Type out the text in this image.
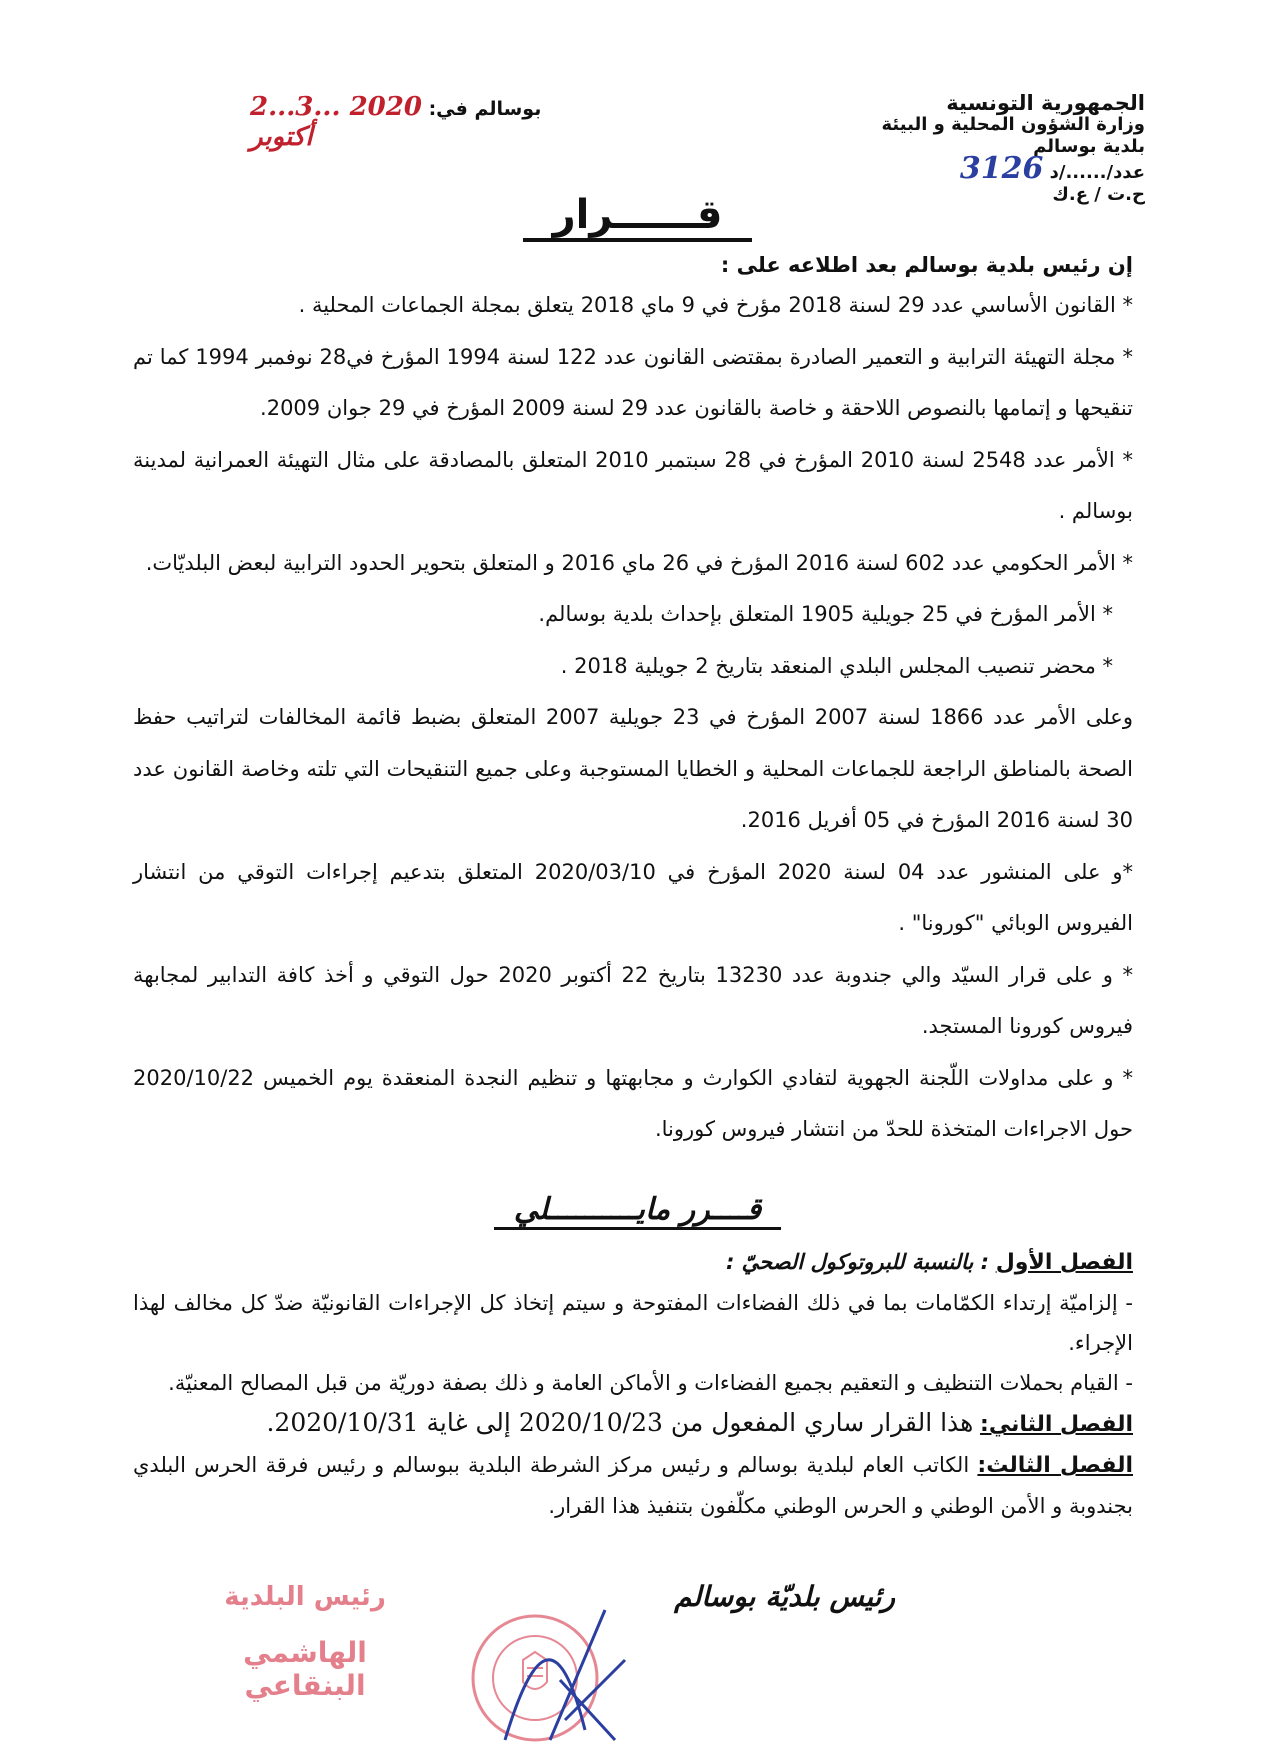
الجمهورية التونسية
وزارة الشؤون المحلية و البيئة
بلدية بوسالم
عدد/....../د 3126
ح.ت / ع.ك
بوسالم في: 2020 ...3...2 أكتوبر
قــــــرار

إن رئيس بلدية بوسالم بعد اطلاعه على :

* القانون الأساسي عدد 29 لسنة 2018 مؤرخ في 9 ماي 2018 يتعلق بمجلة الجماعات المحلية .

* مجلة التهيئة الترابية و التعمير الصادرة بمقتضى القانون عدد 122 لسنة 1994 المؤرخ في28 نوفمبر 1994 كما تم تنقيحها و إتمامها بالنصوص اللاحقة و خاصة بالقانون عدد 29 لسنة 2009 المؤرخ في 29 جوان 2009.

* الأمر عدد 2548 لسنة 2010 المؤرخ في 28 سبتمبر 2010 المتعلق بالمصادقة على مثال التهيئة العمرانية لمدينة بوسالم .

* الأمر الحكومي عدد 602 لسنة 2016 المؤرخ في 26 ماي 2016 و المتعلق بتحوير الحدود الترابية لبعض البلديّات.

* الأمر المؤرخ في 25 جويلية 1905 المتعلق بإحداث بلدية بوسالم.

* محضر تنصيب المجلس البلدي المنعقد بتاريخ 2 جويلية 2018 .

وعلى الأمر عدد 1866 لسنة 2007 المؤرخ في 23 جويلية 2007 المتعلق بضبط قائمة المخالفات لتراتيب حفظ الصحة بالمناطق الراجعة للجماعات المحلية و الخطايا المستوجبة وعلى جميع التنقيحات التي تلته وخاصة القانون عدد 30 لسنة 2016 المؤرخ في 05 أفريل 2016.

*و على المنشور عدد 04 لسنة 2020 المؤرخ في 2020/03/10 المتعلق بتدعيم إجراءات التوقي من انتشار الفيروس الوبائي "كورونا" .

* و على قرار السيّد والي جندوبة عدد 13230 بتاريخ 22 أكتوبر 2020 حول التوقي و أخذ كافة التدابير لمجابهة فيروس كورونا المستجد.

* و على مداولات اللّجنة الجهوية لتفادي الكوارث و مجابهتها و تنظيم النجدة المنعقدة يوم الخميس 2020/10/22 حول الاجراءات المتخذة للحدّ من انتشار فيروس كورونا.

قــــرر مايــــــــــلي

الفصل الأول : بالنسبة للبروتوكول الصحيّ :

- إلزاميّة إرتداء الكمّامات بما في ذلك الفضاءات المفتوحة و سيتم إتخاذ كل الإجراءات القانونيّة ضدّ كل مخالف لهذا الإجراء.

- القيام بحملات التنظيف و التعقيم بجميع الفضاءات و الأماكن العامة و ذلك بصفة دوريّة من قبل المصالح المعنيّة.

الفصل الثاني: هذا القرار ساري المفعول من 2020/10/23 إلى غاية 2020/10/31.

الفصل الثالث: الكاتب العام لبلدية بوسالم و رئيس مركز الشرطة البلدية ببوسالم و رئيس فرقة الحرس البلدي بجندوبة و الأمن الوطني و الحرس الوطني مكلّفون بتنفيذ هذا القرار.

رئيس بلديّة بوسالم
رئيس البلدية
الهاشمي البنقاعي
